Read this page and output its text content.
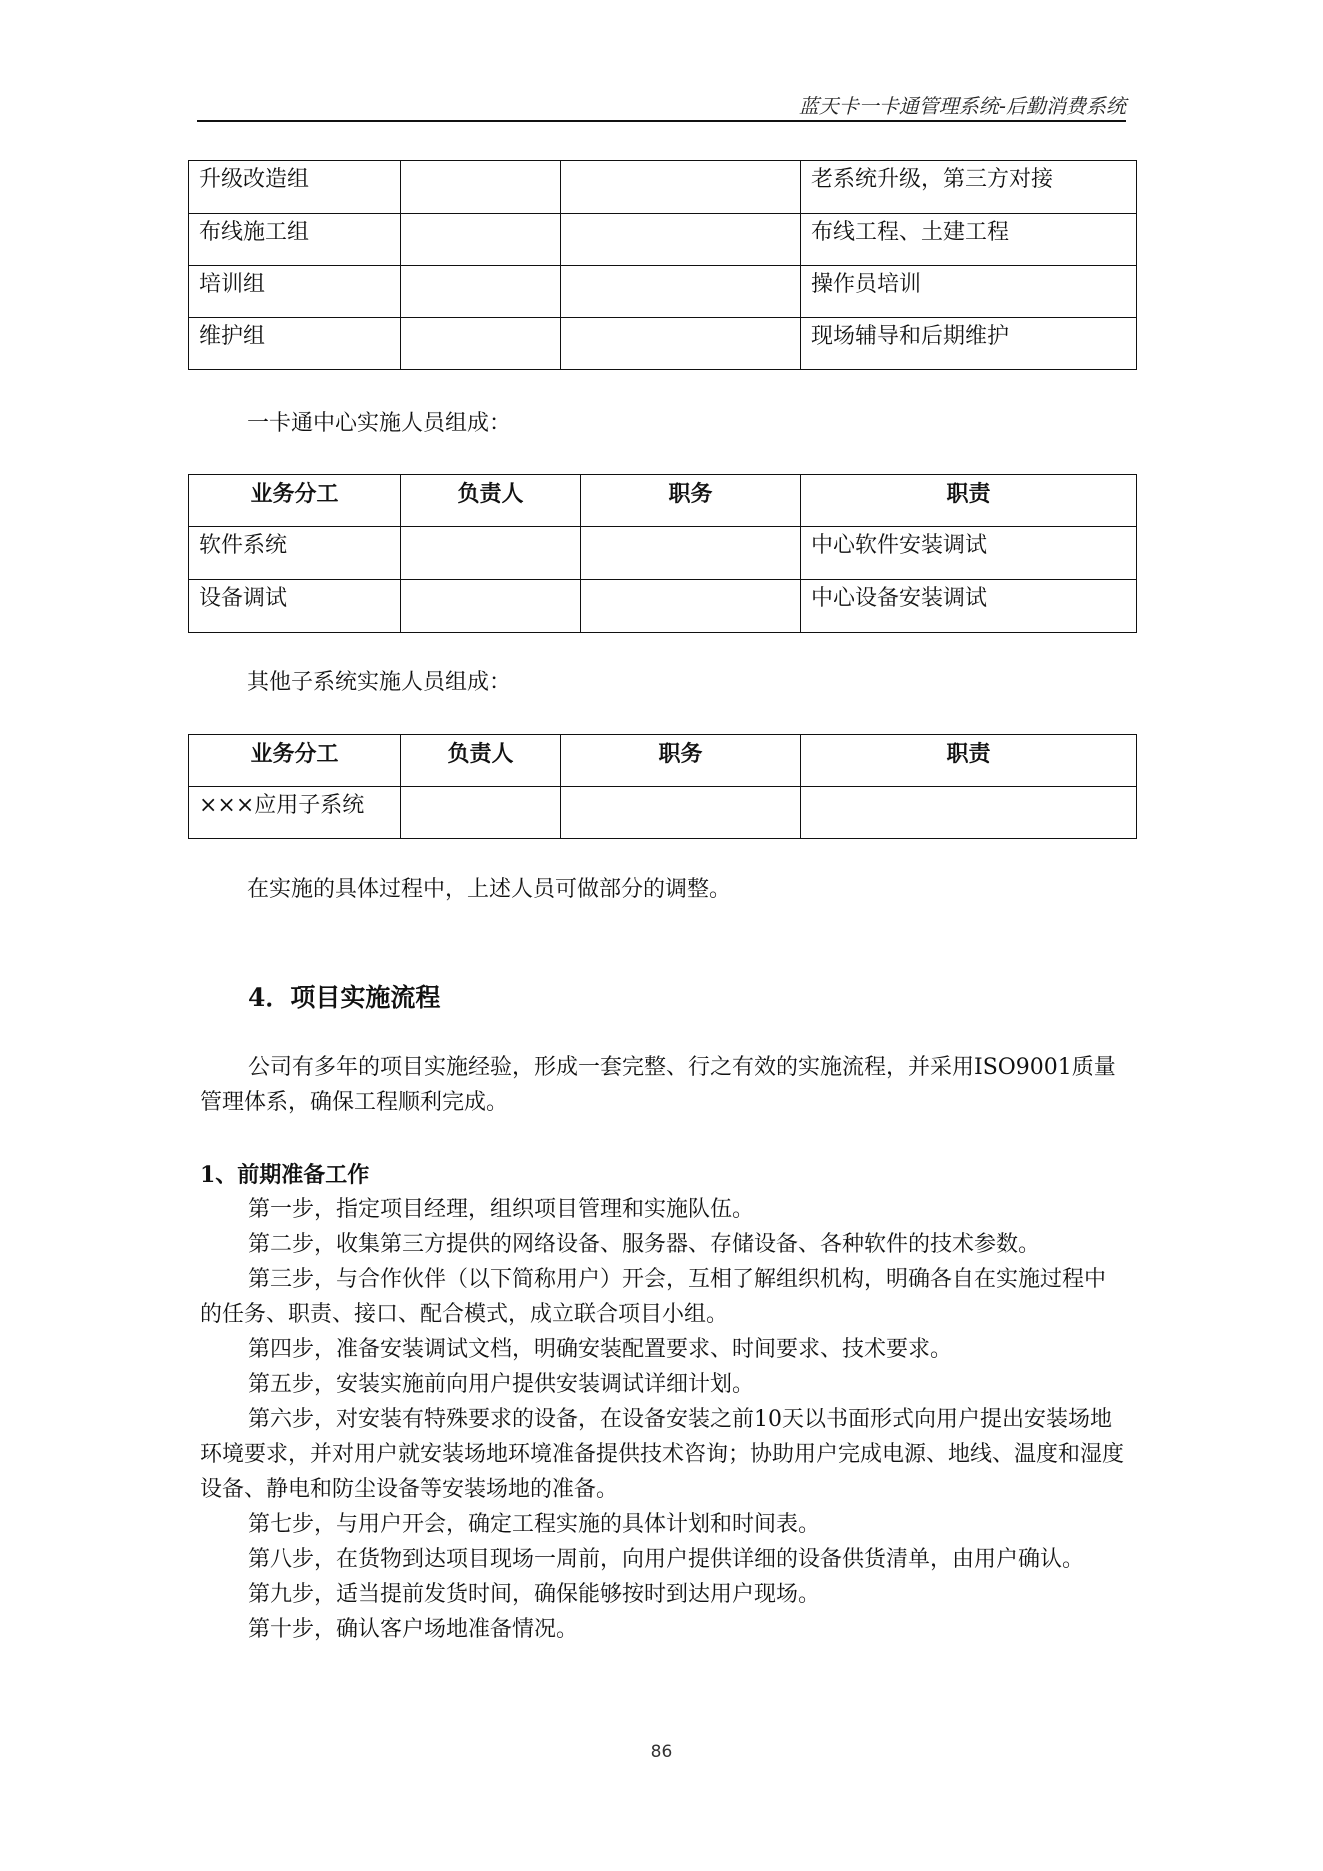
蓝天卡一卡通管理系统-后勤消费系统
升级改造组			老系统升级，第三方对接
布线施工组			布线工程、土建工程
培训组			操作员培训
维护组			现场辅导和后期维护

一卡通中心实施人员组成：

业务分工	负责人	职务	职责
软件系统			中心软件安装调试
设备调试			中心设备安装调试

其他子系统实施人员组成：

业务分工	负责人	职务	职责
×××应用子系统			

在实施的具体过程中，上述人员可做部分的调整。

4．项目实施流程

公司有多年的项目实施经验，形成一套完整、行之有效的实施流程，并采用ISO9001质量管理体系，确保工程顺利完成。

1、前期准备工作

第一步，指定项目经理，组织项目管理和实施队伍。

第二步，收集第三方提供的网络设备、服务器、存储设备、各种软件的技术参数。

第三步，与合作伙伴（以下简称用户）开会，互相了解组织机构，明确各自在实施过程中的任务、职责、接口、配合模式，成立联合项目小组。

第四步，准备安装调试文档，明确安装配置要求、时间要求、技术要求。

第五步，安装实施前向用户提供安装调试详细计划。

第六步，对安装有特殊要求的设备，在设备安装之前10天以书面形式向用户提出安装场地环境要求，并对用户就安装场地环境准备提供技术咨询；协助用户完成电源、地线、温度和湿度设备、静电和防尘设备等安装场地的准备。

第七步，与用户开会，确定工程实施的具体计划和时间表。

第八步，在货物到达项目现场一周前，向用户提供详细的设备供货清单，由用户确认。

第九步，适当提前发货时间，确保能够按时到达用户现场。

第十步，确认客户场地准备情况。

86
